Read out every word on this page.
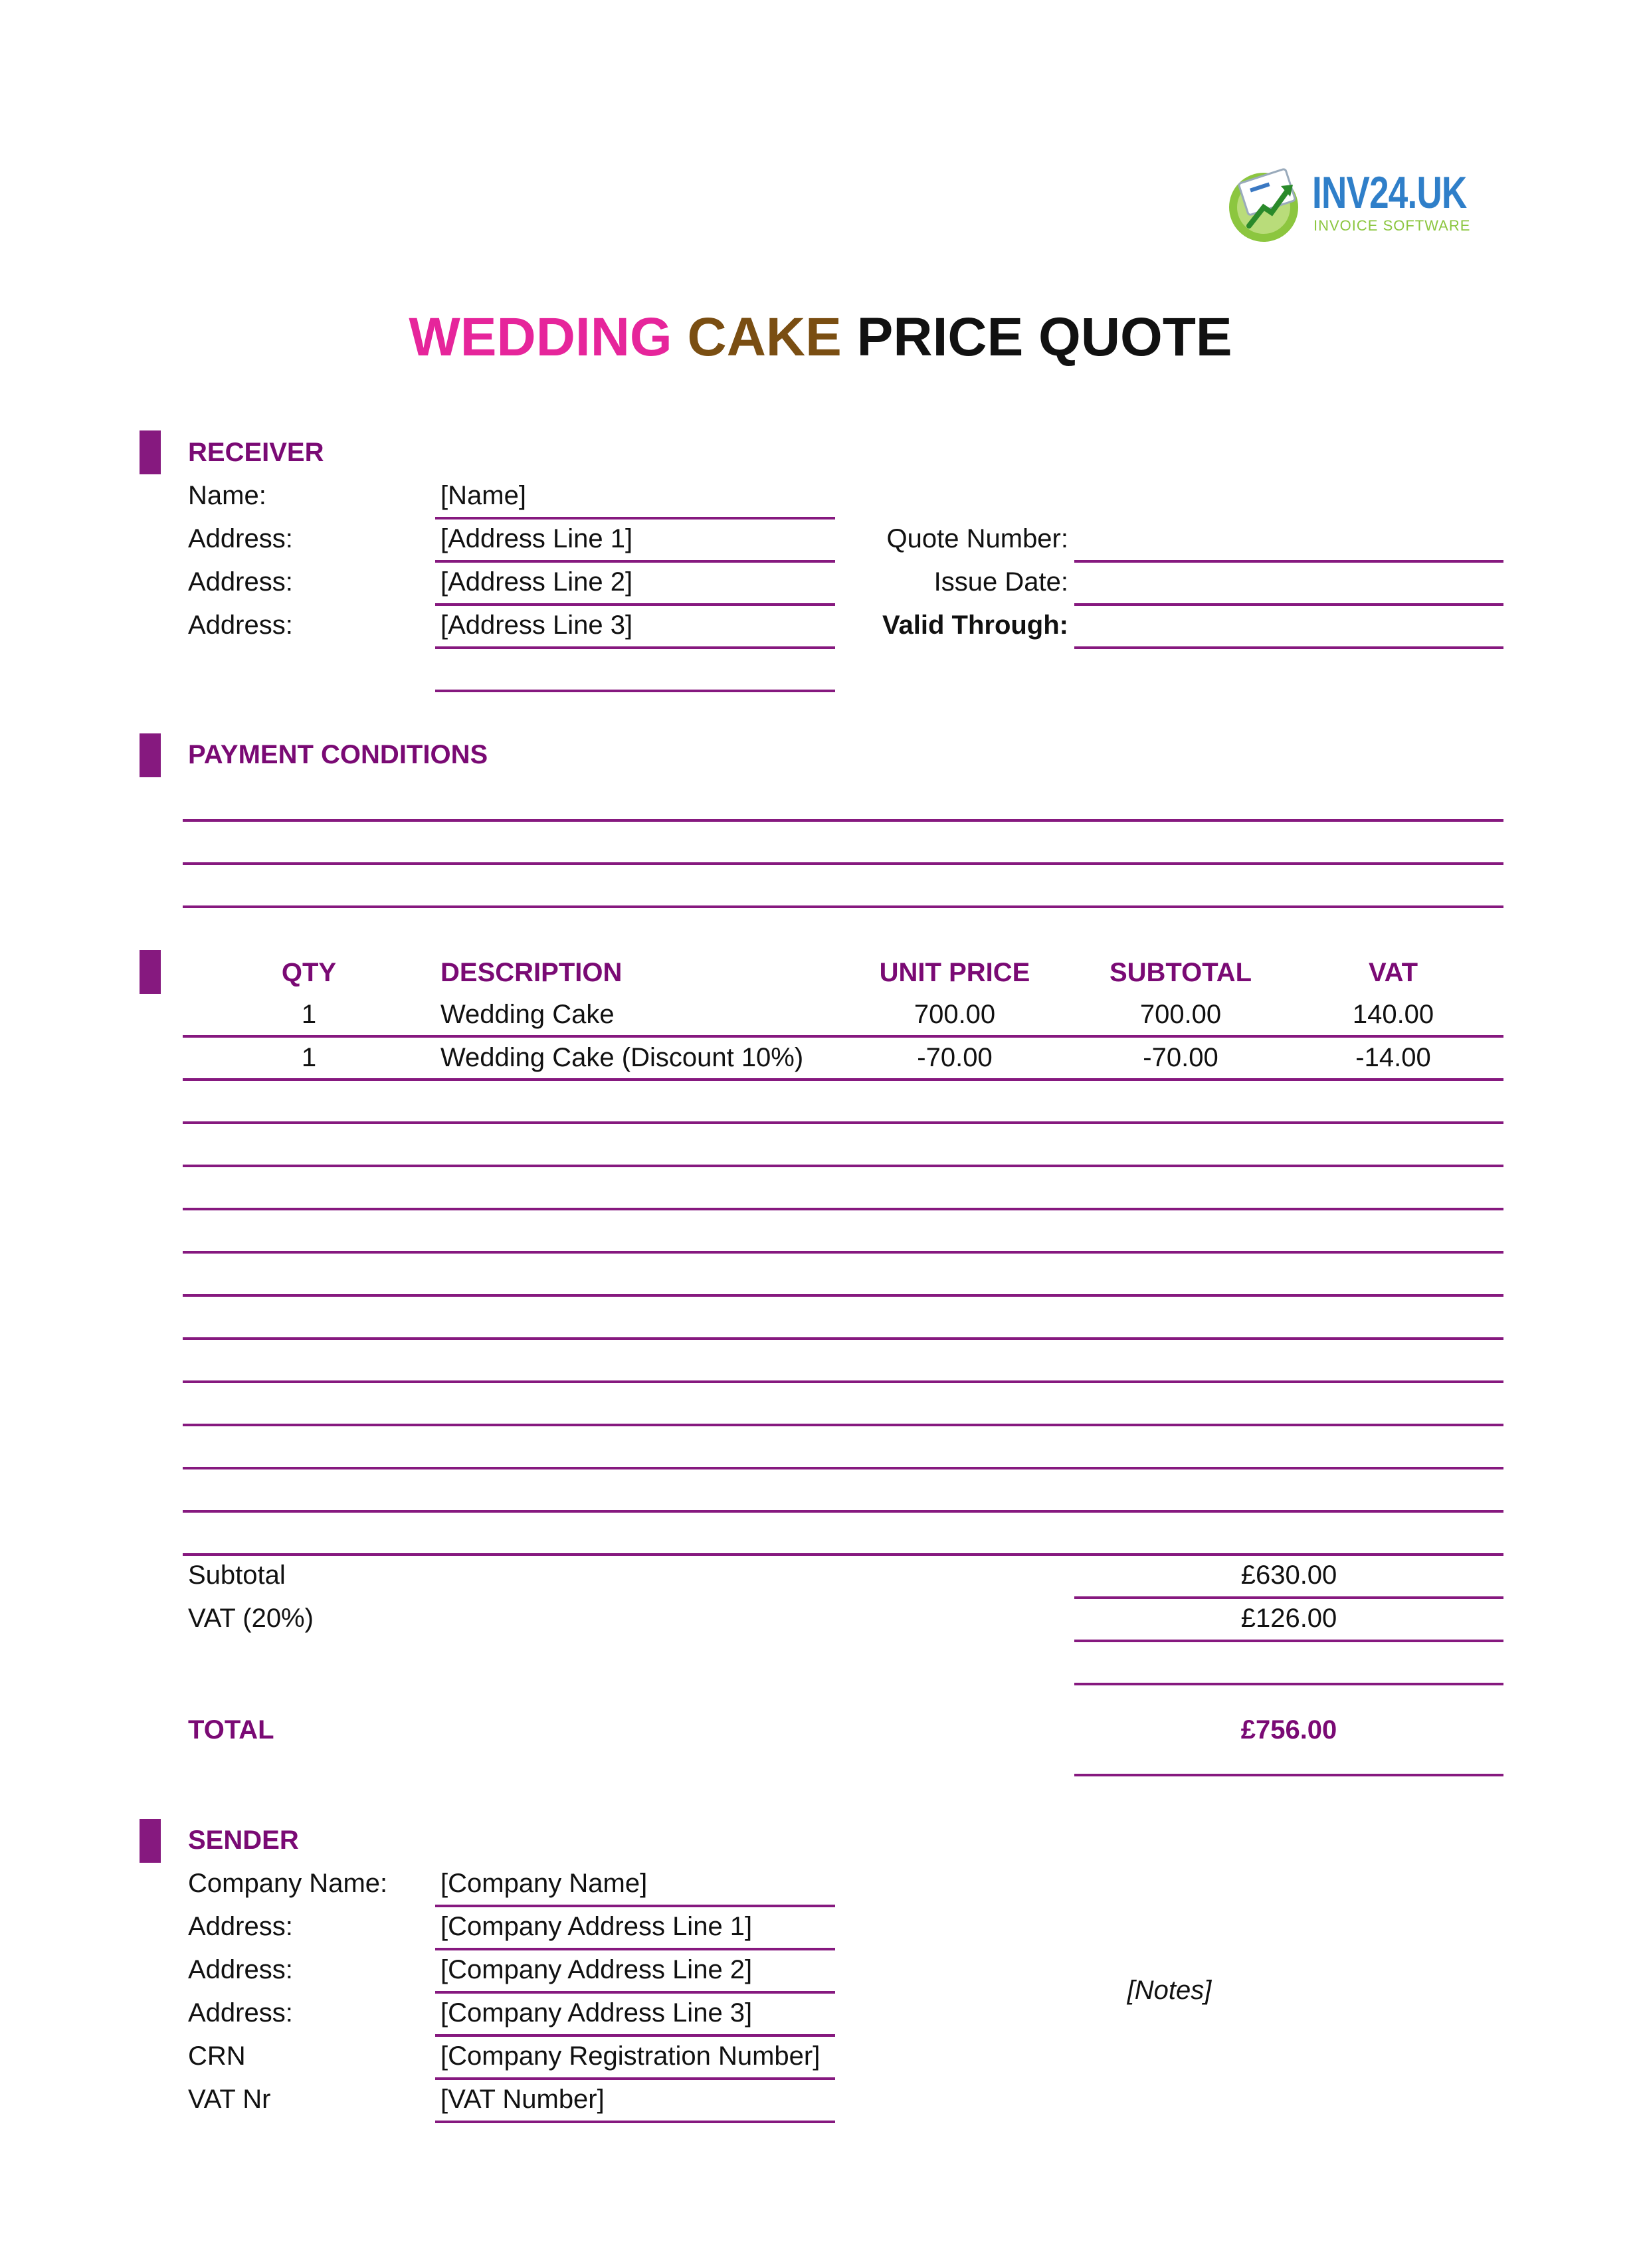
INV24.UK
INVOICE SOFTWARE
WEDDING CAKE PRICE QUOTE
RECEIVER
Name:	[Name]
Address:	[Address Line 1]
Address:	[Address Line 2]
Address:	[Address Line 3]
Quote Number:
Issue Date:
Valid Through:
PAYMENT CONDITIONS
QTY	DESCRIPTION	UNIT PRICE	SUBTOTAL	VAT
1	Wedding Cake	700.00	700.00	140.00
1	Wedding Cake (Discount 10%)	-70.00	-70.00	-14.00
Subtotal	£630.00
VAT (20%)	£126.00
TOTAL	£756.00
SENDER
Company Name: [Company Name]
Address:	[Company Address Line 1]
Address:	[Company Address Line 2]
Address:	[Company Address Line 3]
CRN	[Company Registration Number]
VAT Nr	[VAT Number]
[Notes]
